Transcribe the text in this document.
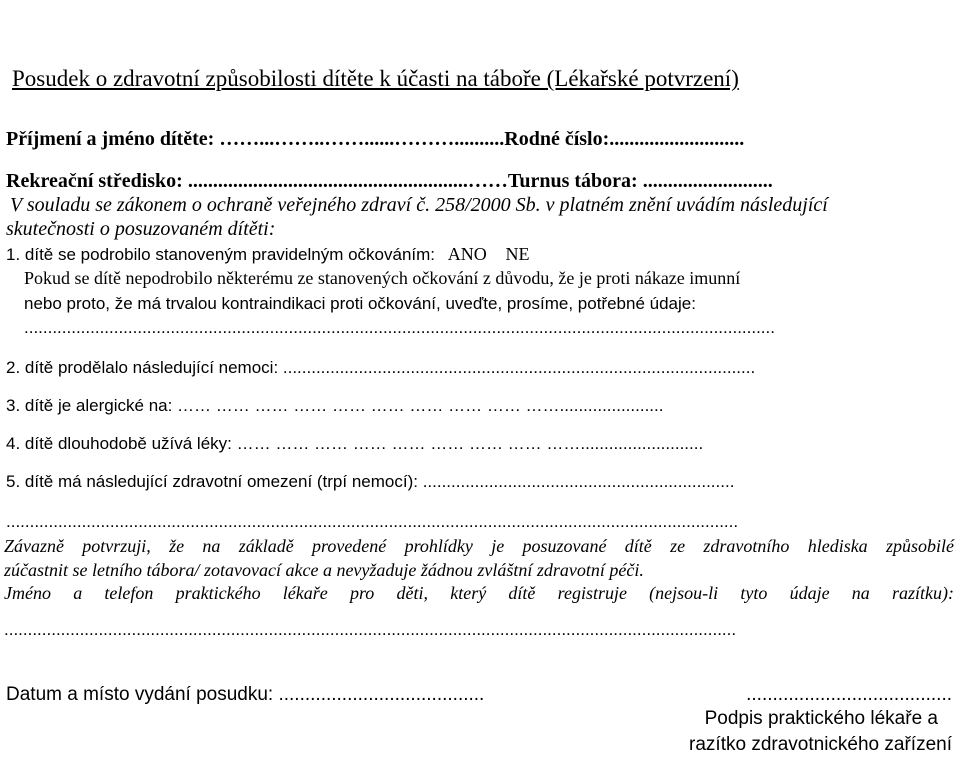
Posudek o zdravotní způsobilosti dítěte k účasti na táboře (Lékařské potvrzení)
Příjmení a jméno dítěte: ……...……..……......………..........Rodné číslo:...........................
Rekreační středisko: ........................................................……Turnus tábora: ..........................
V souladu se zákonem o ochraně veřejného zdraví č. 258/2000 Sb. v platném znění uvádím následující
skutečnosti o posuzovaném dítěti:
1. dítě se podrobilo stanoveným pravidelným očkováním: ANO NE
Pokud se dítě nepodrobilo některému ze stanovených očkování z důvodu, že je proti nákaze imunní
nebo proto, že má trvalou kontraindikaci proti očkování, uveďte, prosíme, potřebné údaje:
...............................................................................................................................................................
2. dítě prodělalo následující nemoci: ....................................................................................................
3. dítě je alergické na: …… …… …… …… …… …… …… …… …… ……......................
4. dítě dlouhodobě užívá léky: …… …… …… …… …… …… …… …… ……..........................
5. dítě má následující zdravotní omezení (trpí nemocí): ..................................................................
...........................................................................................................................................................
Závazně potvrzuji, že na základě provedené prohlídky je posuzované dítě ze zdravotního hlediska způsobilé
zúčastnit se letního tábora/ zotavovací akce a nevyžaduje žádnou zvláštní zdravotní péči.
Jméno a telefon praktického lékaře pro děti, který dítě registruje (nejsou-li tyto údaje na razítku):
...........................................................................................................................................................
Datum a místo vydání posudku: .......................................	.......................................
Podpis praktického lékaře a
razítko zdravotnického zařízení
